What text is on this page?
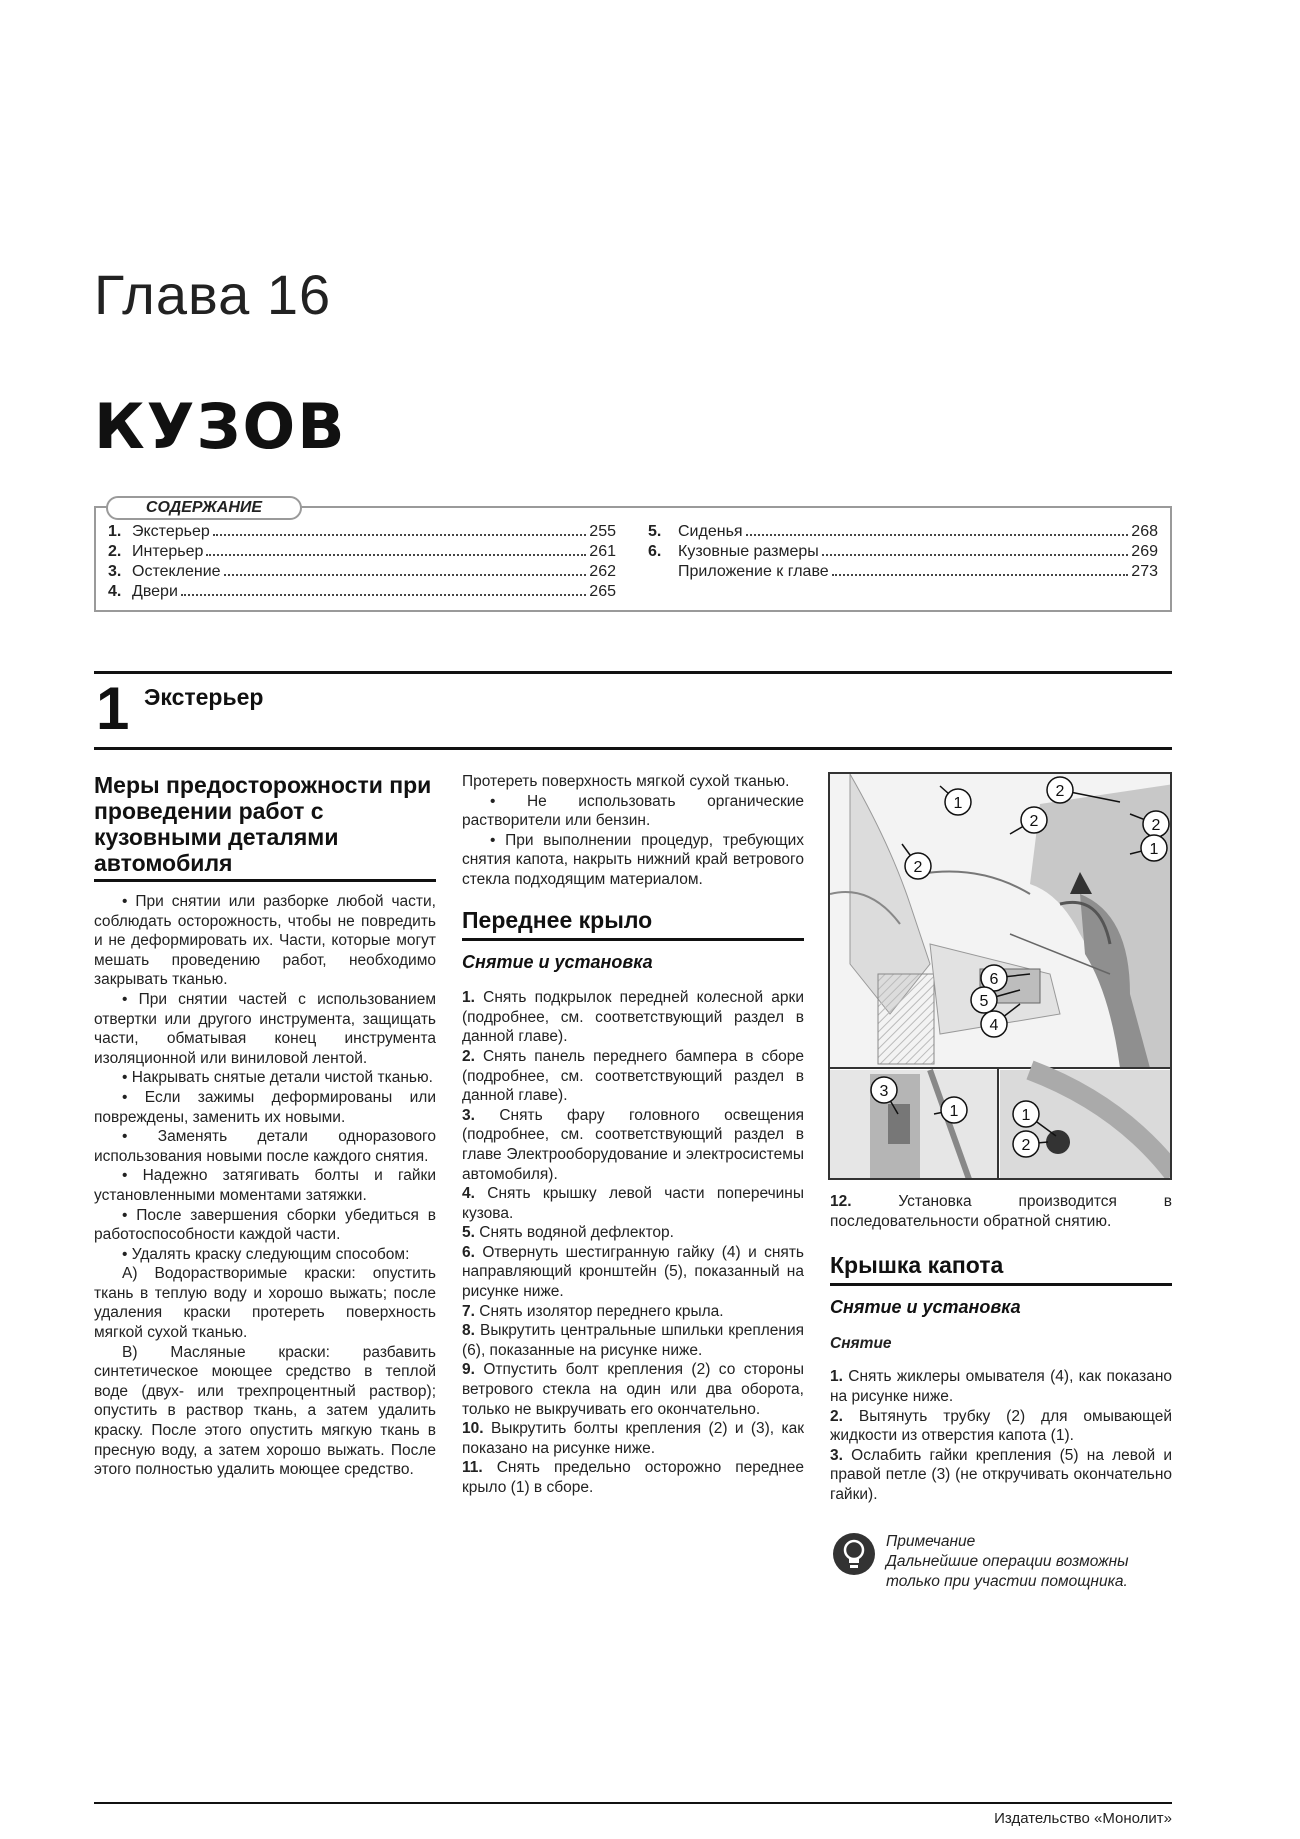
Глава 16
КУЗОВ
СОДЕРЖАНИЕ
1. Экстерьер	255
2. Интерьер	261
3. Остекление	262
4. Двери	265
5.	Сиденья	268
6.	Кузовные размеры	269
Приложение к главе	273
1 Экстерьер
Меры предосторожности при проведении работ с кузовными деталями автомобиля

• При снятии или разборке любой части, соблюдать осторожность, чтобы не повредить и не деформировать их. Части, которые могут мешать проведению работ, необходимо закрывать тканью.

• При снятии частей с использованием отвертки или другого инструмента, защищать части, обматывая конец инструмента изоляционной или виниловой лентой.

• Накрывать снятые детали чистой тканью.

• Если зажимы деформированы или повреждены, заменить их новыми.

• Заменять детали одноразового использования новыми после каждого снятия.

• Надежно затягивать болты и гайки установленными моментами затяжки.

• После завершения сборки убедиться в работоспособности каждой части.

• Удалять краску следующим способом:

А) Водорастворимые краски: опустить ткань в теплую воду и хорошо выжать; после удаления краски протереть поверхность мягкой сухой тканью.

В) Масляные краски: разбавить синтетическое моющее средство в теплой воде (двух- или трехпроцентный раствор); опустить в раствор ткань, а затем удалить краску. После этого опустить мягкую ткань в пресную воду, а затем хорошо выжать. После этого полностью удалить моющее средство.

Протереть поверхность мягкой сухой тканью.

• Не использовать органические растворители или бензин.

• При выполнении процедур, требующих снятия капота, накрыть нижний край ветрового стекла подходящим материалом.

Переднее крыло
Снятие и установка

1. Снять подкрылок передней колесной арки (подробнее, см. соответствующий раздел в данной главе).

2. Снять панель переднего бампера в сборе (подробнее, см. соответствующий раздел в данной главе).

3. Снять фару головного освещения (подробнее, см. соответствующий раздел в главе Электрооборудование и электросистемы автомобиля).

4. Снять крышку левой части поперечины кузова.

5. Снять водяной дефлектор.

6. Отвернуть шестигранную гайку (4) и снять направляющий кронштейн (5), показанный на рисунке ниже.

7. Снять изолятор переднего крыла.

8. Выкрутить центральные шпильки крепления (6), показанные на рисунке ниже.

9. Отпустить болт крепления (2) со стороны ветрового стекла на один или два оборота, только не выкручивать его окончательно.

10. Выкрутить болты крепления (2) и (3), как показано на рисунке ниже.

11. Снять предельно осторожно переднее крыло (1) в сборе.

1
2
2	2
1
2
6
5
4
3
1	1
2

12.	Установка производится в последовательности обратной снятию.

Крышка капота
Снятие и установка
Снятие

1. Снять жиклеры омывателя (4), как показано на рисунке ниже.

2. Вытянуть трубку (2) для омывающей жидкости из отверстия капота (1).

3. Ослабить гайки крепления (5) на левой и правой петле (3) (не откручивать окончательно гайки).

Примечание
Дальнейшие операции возможны только при участии помощника.
Издательство «Монолит»
